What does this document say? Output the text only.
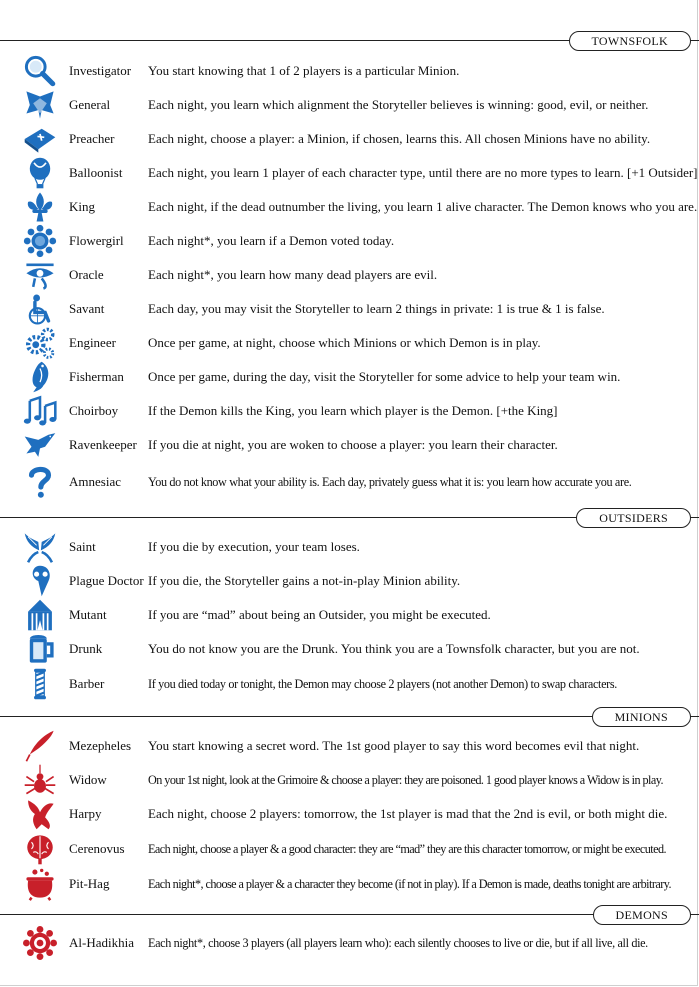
TOWNSFOLK
Investigator You start knowing that 1 of 2 players is a particular Minion.
General	Each night, you learn which alignment the Storyteller believes is winning: good, evil, or neither.
Preacher	Each night, choose a player: a Minion, if chosen, learns this. All chosen Minions have no ability.
Balloonist Each night, you learn 1 player of each character type, until there are no more types to learn. [+1 Outsider]
King	Each night, if the dead outnumber the living, you learn 1 alive character. The Demon knows who you are.
Flowergirl Each night*, you learn if a Demon voted today.
Oracle	Each night*, you learn how many dead players are evil.
Savant	Each day, you may visit the Storyteller to learn 2 things in private: 1 is true & 1 is false.
Engineer Once per game, at night, choose which Minions or which Demon is in play.
Fisherman Once per game, during the day, visit the Storyteller for some advice to help your team win.
Choirboy If the Demon kills the King, you learn which player is the Demon. [+the King]
Ravenkeeper If you die at night, you are woken to choose a player: you learn their character.
Amnesiac You do not know what your ability is. Each day, privately guess what it is: you learn how accurate you are.
OUTSIDERS
Saint	If you die by execution, your team loses.
Plague Doctor If you die, the Storyteller gains a not-in-play Minion ability.
Mutant	If you are “mad” about being an Outsider, you might be executed.
Drunk	You do not know you are the Drunk. You think you are a Townsfolk character, but you are not.
Barber	If you died today or tonight, the Demon may choose 2 players (not another Demon) to swap characters.
MINIONS
Mezepheles You start knowing a secret word. The 1st good player to say this word becomes evil that night.
Widow	On your 1st night, look at the Grimoire & choose a player: they are poisoned. 1 good player knows a Widow is in play.
Harpy	Each night, choose 2 players: tomorrow, the 1st player is mad that the 2nd is evil, or both might die.
Cerenovus Each night, choose a player & a good character: they are “mad” they are this character tomorrow, or might be executed.
Pit-Hag	Each night*, choose a player & a character they become (if not in play). If a Demon is made, deaths tonight are arbitrary.
DEMONS
Al-Hadikhia Each night*, choose 3 players (all players learn who): each silently chooses to live or die, but if all live, all die.
